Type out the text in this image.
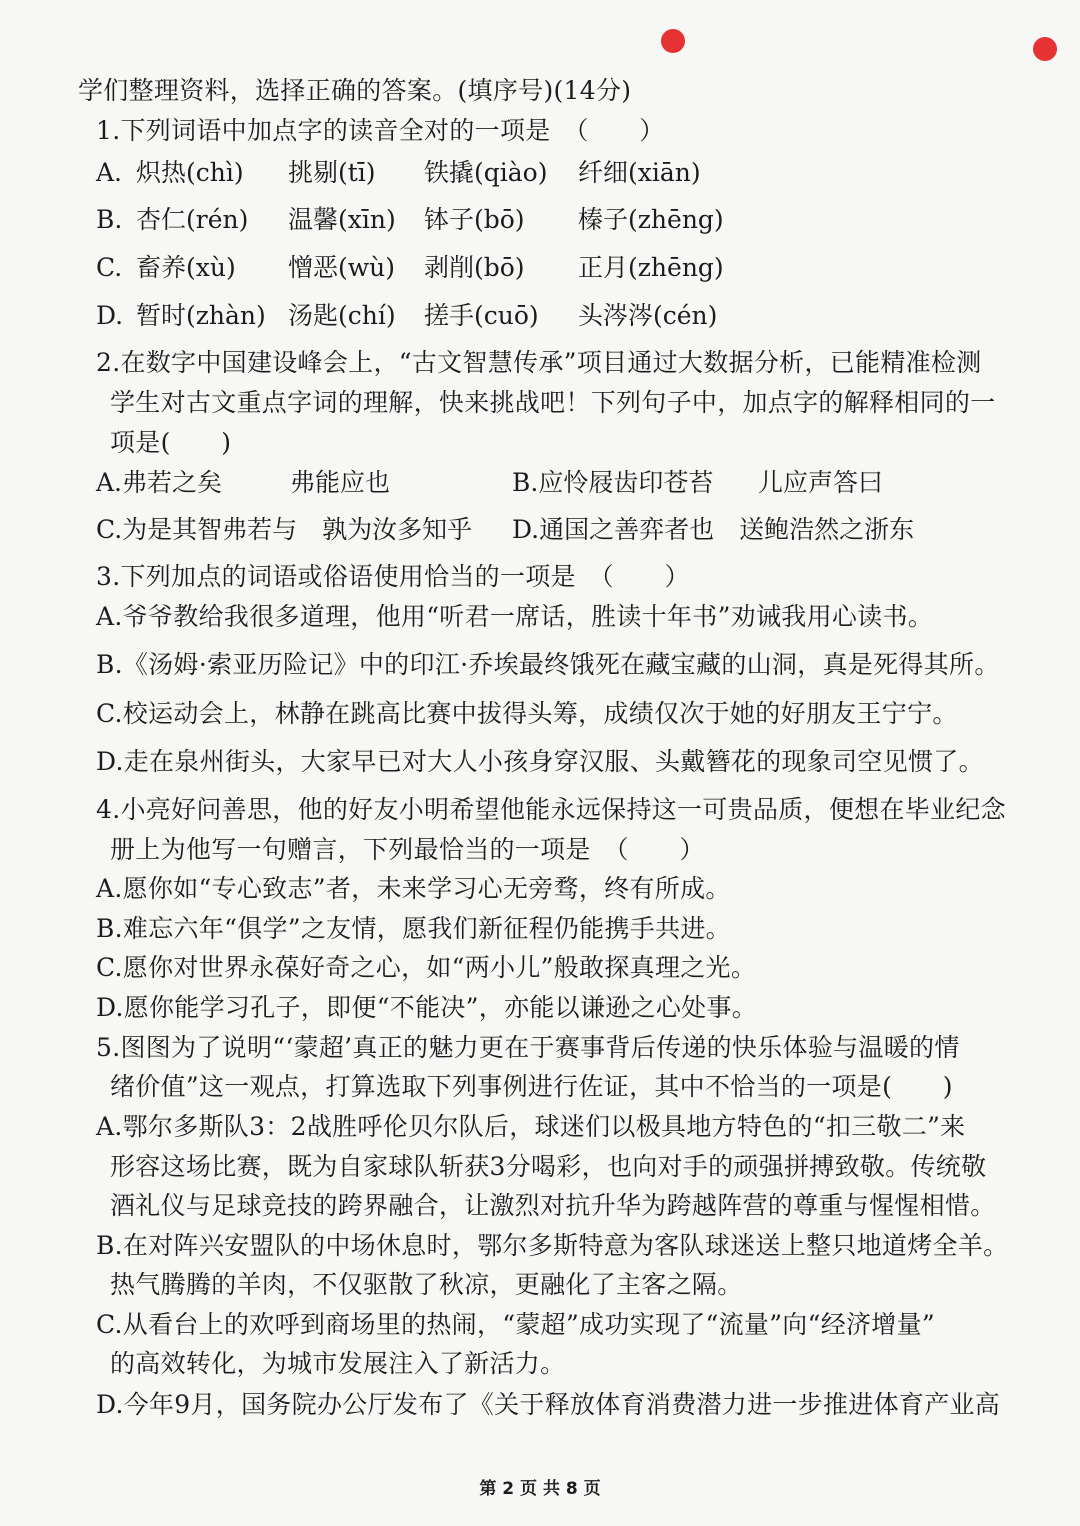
学们整理资料，选择正确的答案。(填序号)(14分)
1.下列词语中加点字的读音全对的一项是　（　　）
A. 炽热(chì) 挑剔(tī) 铁撬(qiào) 纤细(xiān)
B. 杏仁(rén) 温馨(xīn) 钵子(bō) 榛子(zhēng)
C. 畜养(xù) 憎恶(wù) 剥削(bō) 正月(zhēng)
D. 暂时(zhàn) 汤匙(chí) 搓手(cuō) 头涔涔(cén)
2.在数字中国建设峰会上，“古文智慧传承”项目通过大数据分析，已能精准检测
学生对古文重点字词的理解，快来挑战吧！下列句子中，加点字的解释相同的一
项是(　　)
A.弗若之矣	弗能应也	B.应怜屐齿印苍苔 儿应声答曰
C.为是其智弗若与　孰为汝多知乎 D.通国之善弈者也　送鲍浩然之浙东
3.下列加点的词语或俗语使用恰当的一项是　（　　）
A.爷爷教给我很多道理，他用“听君一席话，胜读十年书”劝诫我用心读书。
B.《汤姆·索亚历险记》中的印江·乔埃最终饿死在藏宝藏的山洞，真是死得其所。
C.校运动会上，林静在跳高比赛中拔得头筹，成绩仅次于她的好朋友王宁宁。
D.走在泉州街头，大家早已对大人小孩身穿汉服、头戴簪花的现象司空见惯了。
4.小亮好问善思，他的好友小明希望他能永远保持这一可贵品质，便想在毕业纪念
册上为他写一句赠言，下列最恰当的一项是　（　　）
A.愿你如“专心致志”者，未来学习心无旁骛，终有所成。
B.难忘六年“俱学”之友情，愿我们新征程仍能携手共进。
C.愿你对世界永葆好奇之心，如“两小儿”般敢探真理之光。
D.愿你能学习孔子，即便“不能决”，亦能以谦逊之心处事。
5.图图为了说明“‘蒙超’真正的魅力更在于赛事背后传递的快乐体验与温暖的情
绪价值”这一观点，打算选取下列事例进行佐证，其中不恰当的一项是(　　)
A.鄂尔多斯队3：2战胜呼伦贝尔队后，球迷们以极具地方特色的“扣三敬二”来
形容这场比赛，既为自家球队斩获3分喝彩，也向对手的顽强拼搏致敬。传统敬
酒礼仪与足球竞技的跨界融合，让激烈对抗升华为跨越阵营的尊重与惺惺相惜。
B.在对阵兴安盟队的中场休息时，鄂尔多斯特意为客队球迷送上整只地道烤全羊。
热气腾腾的羊肉，不仅驱散了秋凉，更融化了主客之隔。
C.从看台上的欢呼到商场里的热闹，“蒙超”成功实现了“流量”向“经济增量”
的高效转化，为城市发展注入了新活力。
D.今年9月，国务院办公厅发布了《关于释放体育消费潜力进一步推进体育产业高
第 2 页 共 8 页
